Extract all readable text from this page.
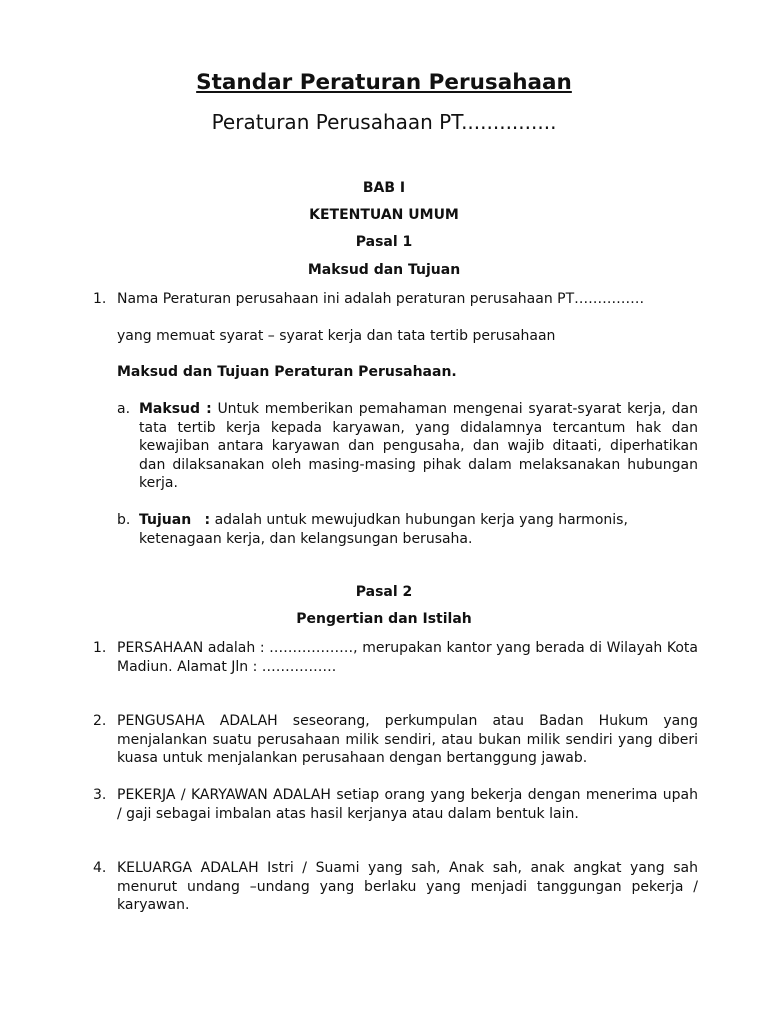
Standar Peraturan Perusahaan
Peraturan Perusahaan PT...............
BAB I
KETENTUAN UMUM
Pasal 1
Maksud dan Tujuan
1. Nama Peraturan perusahaan ini adalah peraturan perusahaan PT……………
yang memuat syarat – syarat kerja dan tata tertib perusahaan
Maksud dan Tujuan Peraturan Perusahaan.
a. Maksud : Untuk memberikan pemahaman mengenai syarat-syarat kerja, dan tata tertib kerja kepada karyawan, yang didalamnya tercantum hak dan kewajiban antara karyawan dan pengusaha, dan wajib ditaati, diperhatikan dan dilaksanakan oleh masing-masing pihak dalam melaksanakan hubungan kerja.
b. Tujuan : adalah untuk mewujudkan hubungan kerja yang harmonis, ketenagaan kerja, dan kelangsungan berusaha.
Pasal 2
Pengertian dan Istilah
1. PERSAHAAN adalah : ………………, merupakan kantor yang berada di Wilayah Kota Madiun. Alamat Jln : …………….
2. PENGUSAHA ADALAH seseorang, perkumpulan atau Badan Hukum yang menjalankan suatu perusahaan milik sendiri, atau bukan milik sendiri yang diberi kuasa untuk menjalankan perusahaan dengan bertanggung jawab.
3. PEKERJA / KARYAWAN ADALAH setiap orang yang bekerja dengan menerima upah / gaji sebagai imbalan atas hasil kerjanya atau dalam bentuk lain.
4. KELUARGA ADALAH Istri / Suami yang sah, Anak sah, anak angkat yang sah menurut undang –undang yang berlaku yang menjadi tanggungan pekerja / karyawan.
